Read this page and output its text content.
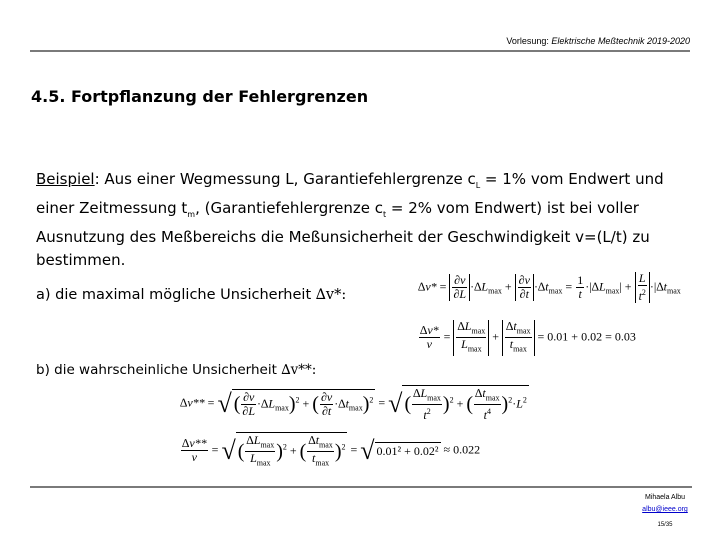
Vorlesung: Elektrische Meßtechnik 2019-2020
4.5. Fortpflanzung der Fehlergrenzen
Beispiel: Aus einer Wegmessung L, Garantiefehlergrenze $c_L = 1\%$ vom Endwert und einer Zeitmessung $t_m$, (Garantiefehlergrenze $c_t = 2\%$ vom Endwert) ist bei voller Ausnutzung des Meßbereichs die Meßunsicherheit der Geschwindigkeit v=(L/t) zu bestimmen.
a) die maximal mögliche Unsicherheit ∆v*:
$\Delta v* = \frac{\partial v}{\partial L} \cdot\Delta L_{max} + \frac{\partial v}{\partial t} \cdot\Delta t_{max} = \frac{1}{t} \cdot|\Delta L_{max}| + \frac{L}{t^2} \cdot|\Delta t_{max}$
$\frac{\Delta v*}{v} = \frac{\Delta L_{max}}{L_{max}} + \frac{\Delta t_{max}}{t_{max}} = 0.01 + 0.02 = 0.03$
b) die wahrscheinliche Unsicherheit ∆v**:
∆v** = √ ( $\frac{\partial v}{\partial L} \cdot\Delta L_{max})^2$ + ( $\frac{\partial v}{\partial t} \cdot\Delta t_{max})^2$ = √ ( $\frac{\Delta L_{max}}{t^2} )^2$ + ( $\frac{\Delta t_{max}}{t^4} )^2\cdot L^2$
$\frac{\Delta v**}{v}$ = √ ( $\frac{\Delta L_{max}}{L_{max}} )^2$ + ( $\frac{\Delta t_{max}}{t_{max}} )^2$ = √ 0.01² + 0.02² ≈ 0.022
Mihaela Albu
albu@ieee.org
15/35
